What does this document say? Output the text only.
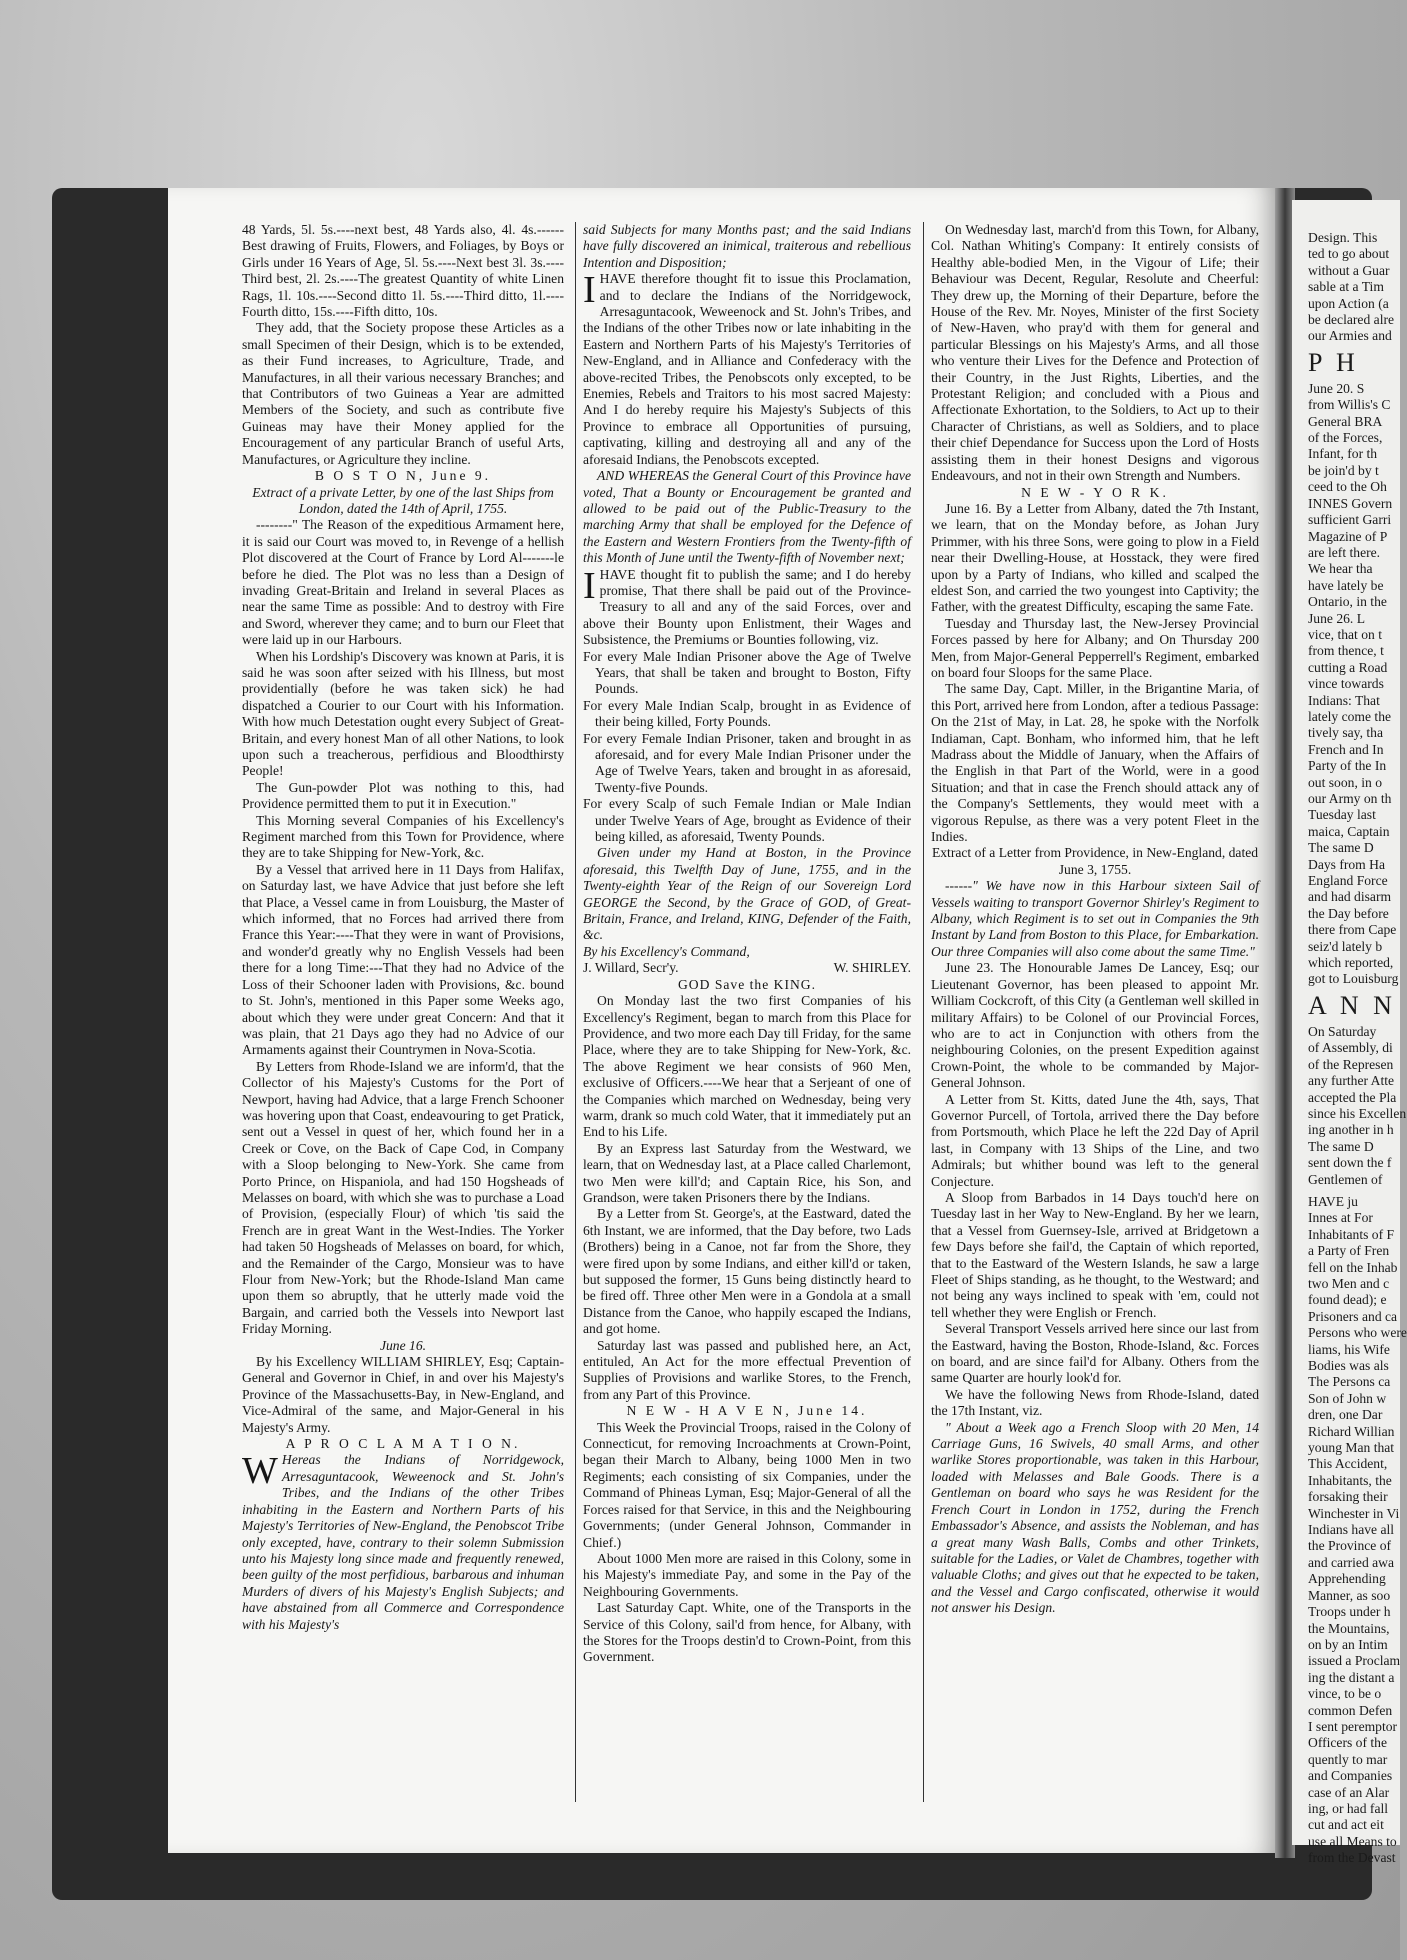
48 Yards, 5l. 5s.----next best, 48 Yards also, 4l. 4s.------Best drawing of Fruits, Flowers, and Foliages, by Boys or Girls under 16 Years of Age, 5l. 5s.----Next best 3l. 3s.----Third best, 2l. 2s.----The greatest Quantity of white Linen Rags, 1l. 10s.----Second ditto 1l. 5s.----Third ditto, 1l.----Fourth ditto, 15s.----Fifth ditto, 10s.

They add, that the Society propose these Articles as a small Specimen of their Design, which is to be extended, as their Fund increases, to Agriculture, Trade, and Manufactures, in all their various necessary Branches; and that Contributors of two Guineas a Year are admitted Members of the Society, and such as contribute five Guineas may have their Money applied for the Encouragement of any particular Branch of useful Arts, Manufactures, or Agriculture they incline.

B O S T O N, June 9.

Extract of a private Letter, by one of the last Ships from London, dated the 14th of April, 1755.

--------" The Reason of the expeditious Armament here, it is said our Court was moved to, in Revenge of a hellish Plot discovered at the Court of France by Lord Al-------le before he died. The Plot was no less than a Design of invading Great-Britain and Ireland in several Places as near the same Time as possible: And to destroy with Fire and Sword, wherever they came; and to burn our Fleet that were laid up in our Harbours.

When his Lordship's Discovery was known at Paris, it is said he was soon after seized with his Illness, but most providentially (before he was taken sick) he had dispatched a Courier to our Court with his Information. With how much Detestation ought every Subject of Great-Britain, and every honest Man of all other Nations, to look upon such a treacherous, perfidious and Bloodthirsty People!

The Gun-powder Plot was nothing to this, had Providence permitted them to put it in Execution."

This Morning several Companies of his Excellency's Regiment marched from this Town for Providence, where they are to take Shipping for New-York, &c.

By a Vessel that arrived here in 11 Days from Halifax, on Saturday last, we have Advice that just before she left that Place, a Vessel came in from Louisburg, the Master of which informed, that no Forces had arrived there from France this Year:----That they were in want of Provisions, and wonder'd greatly why no English Vessels had been there for a long Time:---That they had no Advice of the Loss of their Schooner laden with Provisions, &c. bound to St. John's, mentioned in this Paper some Weeks ago, about which they were under great Concern: And that it was plain, that 21 Days ago they had no Advice of our Armaments against their Countrymen in Nova-Scotia.

By Letters from Rhode-Island we are inform'd, that the Collector of his Majesty's Customs for the Port of Newport, having had Advice, that a large French Schooner was hovering upon that Coast, endeavouring to get Pratick, sent out a Vessel in quest of her, which found her in a Creek or Cove, on the Back of Cape Cod, in Company with a Sloop belonging to New-York. She came from Porto Prince, on Hispaniola, and had 150 Hogsheads of Melasses on board, with which she was to purchase a Load of Provision, (especially Flour) of which 'tis said the French are in great Want in the West-Indies. The Yorker had taken 50 Hogsheads of Melasses on board, for which, and the Remainder of the Cargo, Monsieur was to have Flour from New-York; but the Rhode-Island Man came upon them so abruptly, that he utterly made void the Bargain, and carried both the Vessels into Newport last Friday Morning.

June 16.

By his Excellency WILLIAM SHIRLEY, Esq; Captain-General and Governor in Chief, in and over his Majesty's Province of the Massachusetts-Bay, in New-England, and Vice-Admiral of the same, and Major-General in his Majesty's Army.

A P R O C L A M A T I O N.

W Hereas the Indians of Norridgewock, Arresaguntacook, Weweenock and St. John's Tribes, and the Indians of the other Tribes inhabiting in the Eastern and Northern Parts of his Majesty's Territories of New-England, the Penobscot Tribe only excepted, have, contrary to their solemn Submission unto his Majesty long since made and frequently renewed, been guilty of the most perfidious, barbarous and inhuman Murders of divers of his Majesty's English Subjects; and have abstained from all Commerce and Correspondence with his Majesty's

said Subjects for many Months past; and the said Indians have fully discovered an inimical, traiterous and rebellious Intention and Disposition;

IHAVE therefore thought fit to issue this Proclamation, and to declare the Indians of the Norridgewock, Arresaguntacook, Weweenock and St. John's Tribes, and the Indians of the other Tribes now or late inhabiting in the Eastern and Northern Parts of his Majesty's Territories of New-England, and in Alliance and Confederacy with the above-recited Tribes, the Penobscots only excepted, to be Enemies, Rebels and Traitors to his most sacred Majesty: And I do hereby require his Majesty's Subjects of this Province to embrace all Opportunities of pursuing, captivating, killing and destroying all and any of the aforesaid Indians, the Penobscots excepted.

AND WHEREAS the General Court of this Province have voted, That a Bounty or Encouragement be granted and allowed to be paid out of the Public-Treasury to the marching Army that shall be employed for the Defence of the Eastern and Western Frontiers from the Twenty-fifth of this Month of June until the Twenty-fifth of November next;

IHAVE thought fit to publish the same; and I do hereby promise, That there shall be paid out of the Province-Treasury to all and any of the said Forces, over and above their Bounty upon Enlistment, their Wages and Subsistence, the Premiums or Bounties following, viz.

For every Male Indian Prisoner above the Age of Twelve Years, that shall be taken and brought to Boston, Fifty Pounds.

For every Male Indian Scalp, brought in as Evidence of their being killed, Forty Pounds.

For every Female Indian Prisoner, taken and brought in as aforesaid, and for every Male Indian Prisoner under the Age of Twelve Years, taken and brought in as aforesaid, Twenty-five Pounds.

For every Scalp of such Female Indian or Male Indian under Twelve Years of Age, brought as Evidence of their being killed, as aforesaid, Twenty Pounds.

Given under my Hand at Boston, in the Province aforesaid, this Twelfth Day of June, 1755, and in the Twenty-eighth Year of the Reign of our Sovereign Lord GEORGE the Second, by the Grace of GOD, of Great-Britain, France, and Ireland, KING, Defender of the Faith, &c.

By his Excellency's Command,

J. Willard, Secr'y.	W. SHIRLEY.

GOD Save the KING.

On Monday last the two first Companies of his Excellency's Regiment, began to march from this Place for Providence, and two more each Day till Friday, for the same Place, where they are to take Shipping for New-York, &c. The above Regiment we hear consists of 960 Men, exclusive of Officers.----We hear that a Serjeant of one of the Companies which marched on Wednesday, being very warm, drank so much cold Water, that it immediately put an End to his Life.

By an Express last Saturday from the Westward, we learn, that on Wednesday last, at a Place called Charlemont, two Men were kill'd; and Captain Rice, his Son, and Grandson, were taken Prisoners there by the Indians.

By a Letter from St. George's, at the Eastward, dated the 6th Instant, we are informed, that the Day before, two Lads (Brothers) being in a Canoe, not far from the Shore, they were fired upon by some Indians, and either kill'd or taken, but supposed the former, 15 Guns being distinctly heard to be fired off. Three other Men were in a Gondola at a small Distance from the Canoe, who happily escaped the Indians, and got home.

Saturday last was passed and published here, an Act, entituled, An Act for the more effectual Prevention of Supplies of Provisions and warlike Stores, to the French, from any Part of this Province.

N E W - H A V E N, June 14.

This Week the Provincial Troops, raised in the Colony of Connecticut, for removing Incroachments at Crown-Point, began their March to Albany, being 1000 Men in two Regiments; each consisting of six Companies, under the Command of Phineas Lyman, Esq; Major-General of all the Forces raised for that Service, in this and the Neighbouring Governments; (under General Johnson, Commander in Chief.)

About 1000 Men more are raised in this Colony, some in his Majesty's immediate Pay, and some in the Pay of the Neighbouring Governments.

Last Saturday Capt. White, one of the Transports in the Service of this Colony, sail'd from hence, for Albany, with the Stores for the Troops destin'd to Crown-Point, from this Government.

On Wednesday last, march'd from this Town, for Albany, Col. Nathan Whiting's Company: It entirely consists of Healthy able-bodied Men, in the Vigour of Life; their Behaviour was Decent, Regular, Resolute and Cheerful: They drew up, the Morning of their Departure, before the House of the Rev. Mr. Noyes, Minister of the first Society of New-Haven, who pray'd with them for general and particular Blessings on his Majesty's Arms, and all those who venture their Lives for the Defence and Protection of their Country, in the Just Rights, Liberties, and the Protestant Religion; and concluded with a Pious and Affectionate Exhortation, to the Soldiers, to Act up to their Character of Christians, as well as Soldiers, and to place their chief Dependance for Success upon the Lord of Hosts assisting them in their honest Designs and vigorous Endeavours, and not in their own Strength and Numbers.

N E W - Y O R K.

June 16. By a Letter from Albany, dated the 7th Instant, we learn, that on the Monday before, as Johan Jury Primmer, with his three Sons, were going to plow in a Field near their Dwelling-House, at Hosstack, they were fired upon by a Party of Indians, who killed and scalped the eldest Son, and carried the two youngest into Captivity; the Father, with the greatest Difficulty, escaping the same Fate.

Tuesday and Thursday last, the New-Jersey Provincial Forces passed by here for Albany; and On Thursday 200 Men, from Major-General Pepperrell's Regiment, embarked on board four Sloops for the same Place.

The same Day, Capt. Miller, in the Brigantine Maria, of this Port, arrived here from London, after a tedious Passage: On the 21st of May, in Lat. 28, he spoke with the Norfolk Indiaman, Capt. Bonham, who informed him, that he left Madrass about the Middle of January, when the Affairs of the English in that Part of the World, were in a good Situation; and that in case the French should attack any of the Company's Settlements, they would meet with a vigorous Repulse, as there was a very potent Fleet in the Indies.

Extract of a Letter from Providence, in New-England, dated June 3, 1755.

------" We have now in this Harbour sixteen Sail of Vessels waiting to transport Governor Shirley's Regiment to Albany, which Regiment is to set out in Companies the 9th Instant by Land from Boston to this Place, for Embarkation. Our three Companies will also come about the same Time."

June 23. The Honourable James De Lancey, Esq; our Lieutenant Governor, has been pleased to appoint Mr. William Cockcroft, of this City (a Gentleman well skilled in military Affairs) to be Colonel of our Provincial Forces, who are to act in Conjunction with others from the neighbouring Colonies, on the present Expedition against Crown-Point, the whole to be commanded by Major-General Johnson.

A Letter from St. Kitts, dated June the 4th, says, That Governor Purcell, of Tortola, arrived there the Day before from Portsmouth, which Place he left the 22d Day of April last, in Company with 13 Ships of the Line, and two Admirals; but whither bound was left to the general Conjecture.

A Sloop from Barbados in 14 Days touch'd here on Tuesday last in her Way to New-England. By her we learn, that a Vessel from Guernsey-Isle, arrived at Bridgetown a few Days before she fail'd, the Captain of which reported, that to the Eastward of the Western Islands, he saw a large Fleet of Ships standing, as he thought, to the Westward; and not being any ways inclined to speak with 'em, could not tell whether they were English or French.

Several Transport Vessels arrived here since our last from the Eastward, having the Boston, Rhode-Island, &c. Forces on board, and are since fail'd for Albany. Others from the same Quarter are hourly look'd for.

We have the following News from Rhode-Island, dated the 17th Instant, viz.

" About a Week ago a French Sloop with 20 Men, 14 Carriage Guns, 16 Swivels, 40 small Arms, and other warlike Stores proportionable, was taken in this Harbour, loaded with Melasses and Bale Goods. There is a Gentleman on board who says he was Resident for the French Court in London in 1752, during the French Embassador's Absence, and assists the Nobleman, and has a great many Wash Balls, Combs and other Trinkets, suitable for the Ladies, or Valet de Chambres, together with valuable Cloths; and gives out that he expected to be taken, and the Vessel and Cargo confiscated, otherwise it would not answer his Design.

Design. This
ted to go about
without a Guar
sable at a Tim
upon Action (a
be declared alre
our Armies and
P H
June 20. S
from Willis's C
General BRA
of the Forces,
Infant, for th
be join'd by t
ceed to the Oh
INNES Govern
sufficient Garri
Magazine of P
are left there.
We hear tha
have lately be
Ontario, in the
June 26. L
vice, that on t
from thence, t
cutting a Road
vince towards
Indians: That
lately come the
tively say, tha
French and In
Party of the In
out soon, in o
our Army on th
Tuesday last
maica, Captain
The same D
Days from Ha
England Force
and had disarm
the Day before
there from Cape
seiz'd lately b
which reported,
got to Louisburg
A N N
On Saturday
of Assembly, di
of the Represen
any further Atte
accepted the Pla
since his Excellen
ing another in h
The same D
sent down the f
Gentlemen of
HAVE ju
Innes at For
Inhabitants of F
a Party of Fren
fell on the Inhab
two Men and c
found dead); e
Prisoners and ca
Persons who were
liams, his Wife
Bodies was als
The Persons ca
Son of John w
dren, one Dar
Richard Willian
young Man that
This Accident,
Inhabitants, the
forsaking their
Winchester in Vi
Indians have all
the Province of
and carried awa
Apprehending
Manner, as soo
Troops under h
the Mountains,
on by an Intim
issued a Proclam
ing the distant a
vince, to be o
common Defen
I sent peremptor
Officers of the
quently to mar
and Companies
case of an Alar
ing, or had fall
cut and act eit
use all Means to
from the Devast
